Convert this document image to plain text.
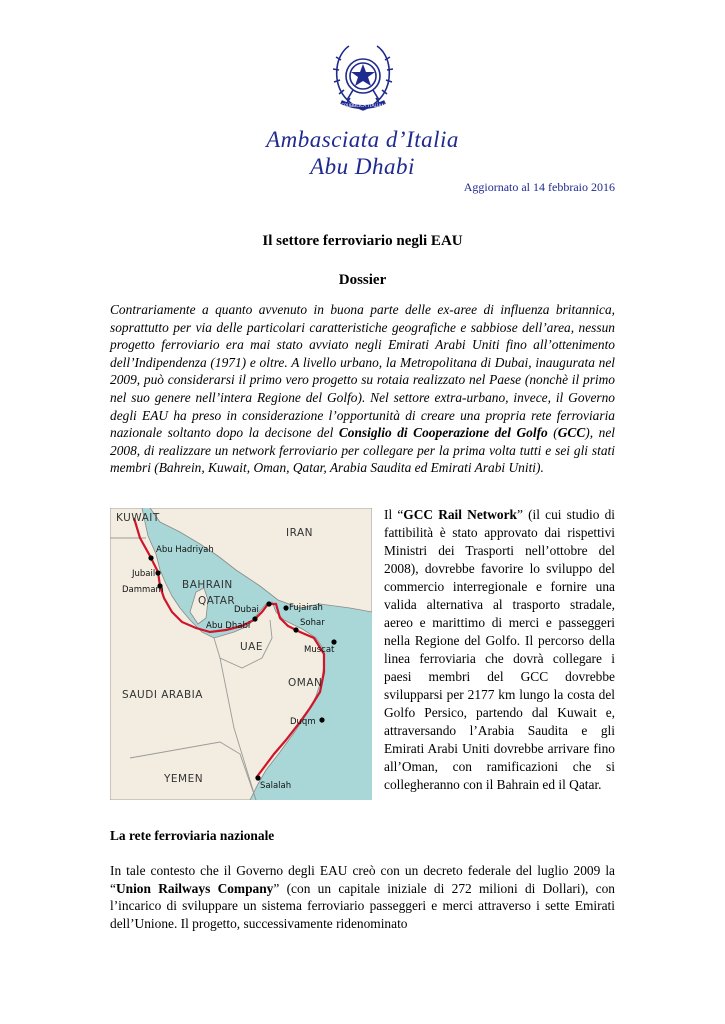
REPUBBLICA ITALIANA
Ambasciata d’Italia
Abu Dhabi
Aggiornato al 14 febbraio 2016
Il settore ferroviario negli EAU
Dossier
Contrariamente a quanto avvenuto in buona parte delle ex-aree di influenza britannica, soprattutto per via delle particolari caratteristiche geografiche e sabbiose dell’area, nessun progetto ferroviario era mai stato avviato negli Emirati Arabi Uniti fino all’ottenimento dell’Indipendenza (1971) e oltre. A livello urbano, la Metropolitana di Dubai, inaugurata nel 2009, può considerarsi il primo vero progetto su rotaia realizzato nel Paese (nonchè il primo nel suo genere nell’intera Regione del Golfo). Nel settore extra-urbano, invece, il Governo degli EAU ha preso in considerazione l’opportunità di creare una propria rete ferroviaria nazionale soltanto dopo la decisone del Consiglio di Cooperazione del Golfo (GCC), nel 2008, di realizzare un network ferroviario per collegare per la prima volta tutti e sei gli stati membri (Bahrein, Kuwait, Oman, Qatar, Arabia Saudita ed Emirati Arabi Uniti).
KUWAIT
IRAN
BAHRAIN
QATAR
UAE
OMAN
SAUDI ARABIA
YEMEN
Abu Hadriyah
Jubail
Dammam
Dubai
Abu Dhabi
Fujairah
Sohar
Muscat
Duqm
Salalah
Il “GCC Rail Network” (il cui studio di fattibilità è stato approvato dai rispettivi Ministri dei Trasporti nell’ottobre del 2008), dovrebbe favorire lo sviluppo del commercio interregionale e fornire una valida alternativa al trasporto stradale, aereo e marittimo di merci e passeggeri nella Regione del Golfo. Il percorso della linea ferroviaria che dovrà collegare i paesi membri del GCC dovrebbe svilupparsi per 2177 km lungo la costa del Golfo Persico, partendo dal Kuwait e, attraversando l’Arabia Saudita e gli Emirati Arabi Uniti dovrebbe arrivare fino all’Oman, con ramificazioni che si collegheranno con il Bahrain ed il Qatar.
La rete ferroviaria nazionale
In tale contesto che il Governo degli EAU creò con un decreto federale del luglio 2009 la “Union Railways Company” (con un capitale iniziale di 272 milioni di Dollari), con l’incarico di sviluppare un sistema ferroviario passeggeri e merci attraverso i sette Emirati dell’Unione. Il progetto, successivamente ridenominato
